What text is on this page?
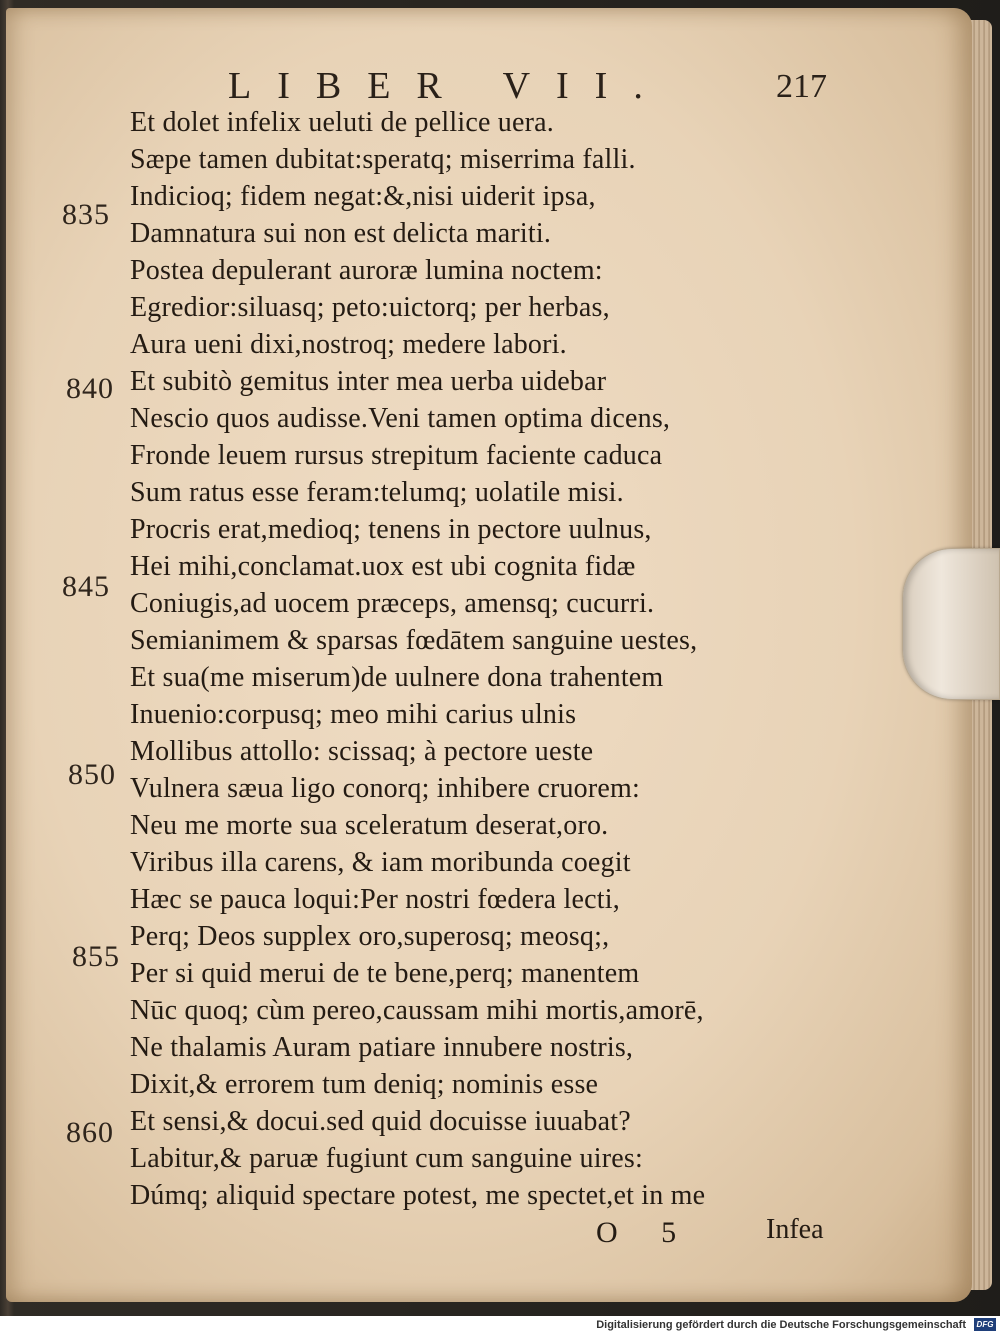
LIBER VII.	217
Et dolet infelix ueluti de pellice uera.
Sæpe tamen dubitat:speratq; miserrima falli.
Indicioq; fidem negat:&,nisi uiderit ipsa,
Damnatura sui non est delicta mariti.
Postea depulerant auroræ lumina noctem:
Egredior:siluasq; peto:uictorq; per herbas,
Aura ueni dixi,nostroq; medere labori.
Et subitò gemitus inter mea uerba uidebar
Nescio quos audisse.Veni tamen optima dicens,
Fronde leuem rursus strepitum faciente caduca
Sum ratus esse feram:telumq; uolatile misi.
Procris erat,medioq; tenens in pectore uulnus,
Hei mihi,conclamat.uox est ubi cognita fidæ
Coniugis,ad uocem præceps, amensq; cucurri.
Semianimem & sparsas fœdātem sanguine uestes,
Et sua(me miserum)de uulnere dona trahentem
Inuenio:corpusq; meo mihi carius ulnis
Mollibus attollo: scissaq; à pectore ueste
Vulnera sæua ligo conorq; inhibere cruorem:
Neu me morte sua sceleratum deserat,oro.
Viribus illa carens, & iam moribunda coegit
Hæc se pauca loqui:Per nostri fœdera lecti,
Perq; Deos supplex oro,superosq; meosq;,
Per si quid merui de te bene,perq; manentem
Nūc quoq; cùm pereo,caussam mihi mortis,amorē,
Ne thalamis Auram patiare innubere nostris,
Dixit,& errorem tum deniq; nominis esse
Et sensi,& docui.sed quid docuisse iuuabat?
Labitur,& paruæ fugiunt cum sanguine uires:
Dúmq; aliquid spectare potest, me spectet,et in me
835
840
845
850
855
860
O 5	Infea
Digitalisierung gefördert durch die Deutsche Forschungsgemeinschaft	DFG
